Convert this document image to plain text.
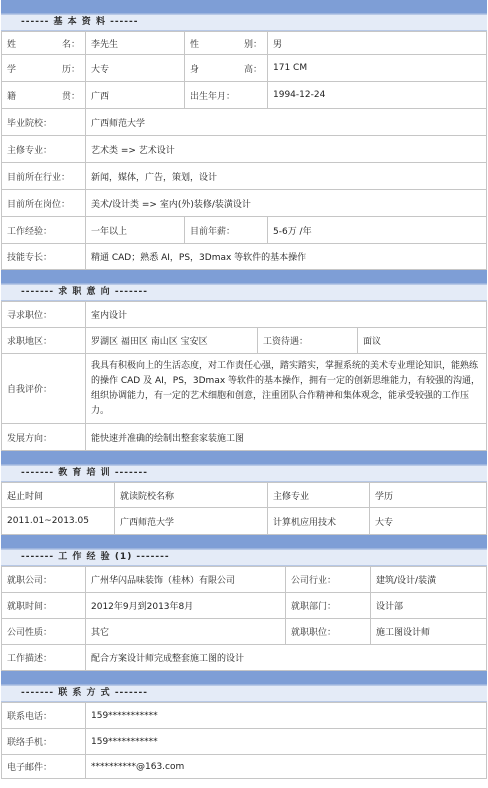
------ 基 本 资 料 ------
姓 名：	李先生	性 别：	男

学 历：	大专	身 高：	171 CM

籍 贯：	广西	出生年月：	1994-12-24
毕业院校：	广西师范大学		
主修专业：	艺术类 => 艺术设计		
目前所在行业：	新闻，媒体，广告，策划，设计		
目前所在岗位：	美术/设计类 => 室内(外)装修/装潢设计		
工作经验：	一年以上	目前年薪：	5-6万 /年
技能专长：	精通 CAD；熟悉 AI，PS，3Dmax 等软件的基本操作		
------- 求 职 意 向 -------
寻求职位：	室内设计		
求职地区：	罗湖区 福田区 南山区 宝安区	工资待遇：	面议
自我评价：	我具有积极向上的生活态度，对工作责任心强，踏实踏实，掌握系统的美术专业理论知识，能熟练的操作 CAD 及 AI，PS，3Dmax 等软件的基本操作，拥有一定的创新思维能力，有较强的沟通，组织协调能力，有一定的艺术细胞和创意，注重团队合作精神和集体观念，能承受较强的工作压力。		
发展方向：	能快速并准确的绘制出整套家装施工图		
------- 教 育 培 训 -------
起止时间	就读院校名称	主修专业	学历
2011.01~2013.05	广西师范大学	计算机应用技术	大专
------- 工 作 经 验 (1) -------
就职公司：	广州华闪品味装饰（桂林）有限公司	公司行业：	建筑/设计/装潢
就职时间：	2012年9月到2013年8月	就职部门：	设计部
公司性质：	其它	就职职位：	施工图设计师
工作描述：	配合方案设计师完成整套施工图的设计		
------- 联 系 方 式 -------
联系电话：	159***********
联络手机：	159***********
电子邮件：	**********@163.com
